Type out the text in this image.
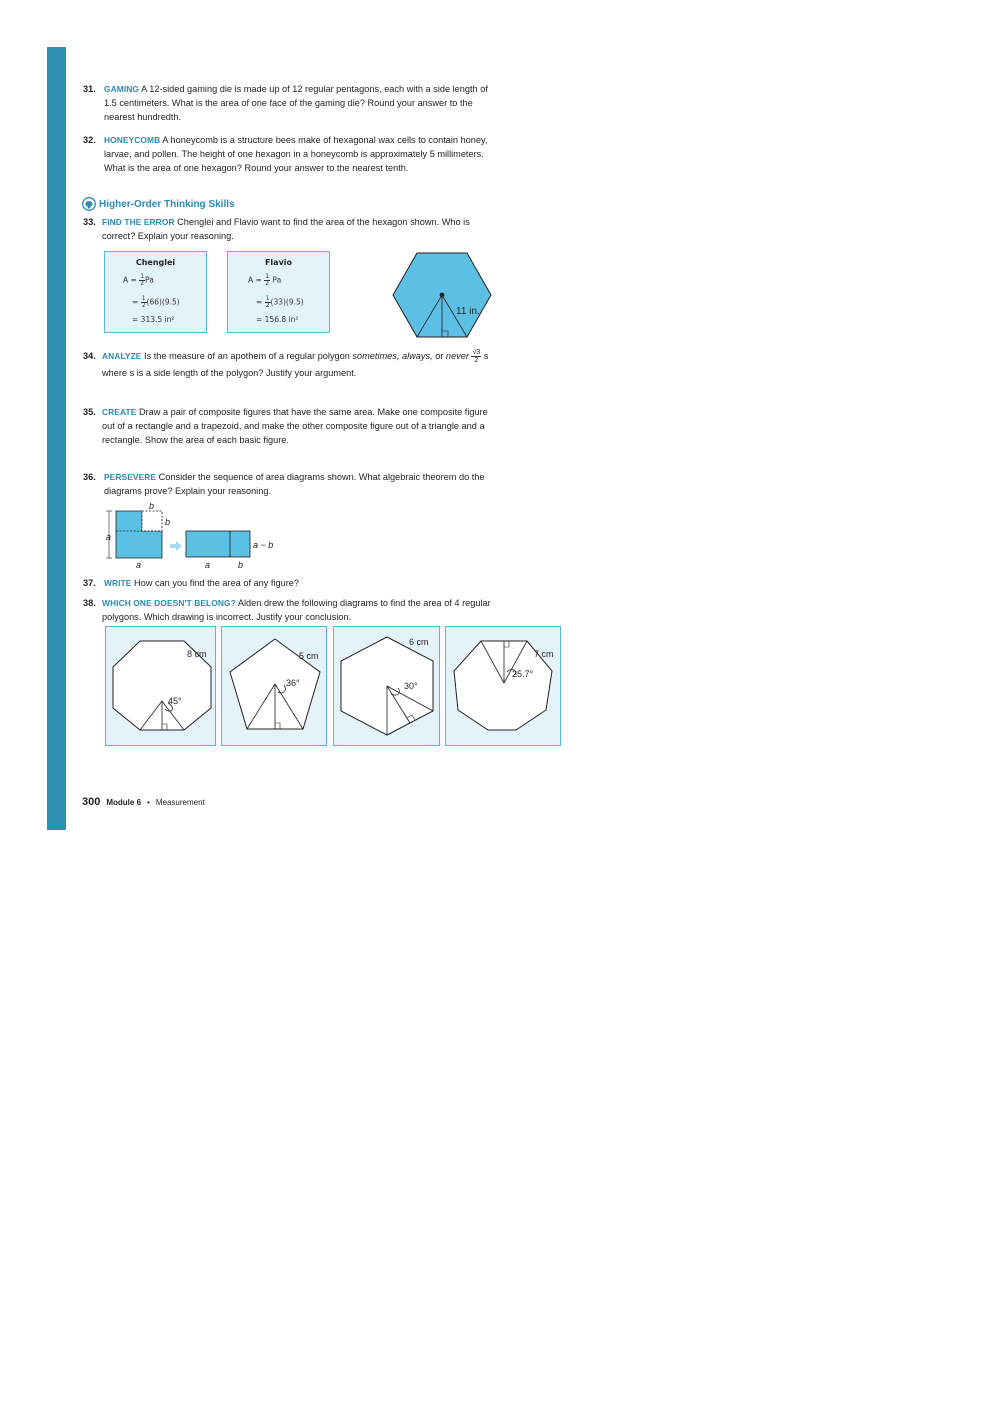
31. GAMING A 12-sided gaming die is made up of 12 regular pentagons, each with a side length of 1.5 centimeters. What is the area of one face of the gaming die? Round your answer to the nearest hundredth.
32. HONEYCOMB A honeycomb is a structure bees make of hexagonal wax cells to contain honey, larvae, and pollen. The height of one hexagon in a honeycomb is approximately 5 millimeters. What is the area of one hexagon? Round your answer to the nearest tenth.
Higher-Order Thinking Skills
33. FIND THE ERROR Chenglei and Flavio want to find the area of the hexagon shown. Who is correct? Explain your reasoning.
Chenglei
$A = \frac{1}{2}$ Pa
= $\frac{1}{2} (66)(9.5)$
= 313.5 in²
Flavio
$A = \frac{1}{2}$ Pa
= $\frac{1}{2} (33)(9.5)$
= 156.8 in²
11 in.
34. ANALYZE Is the measure of an apothem of a regular polygon sometimes, always, or never $\frac{√3}{2}$ s where s is a side length of the polygon? Justify your argument.
35. CREATE Draw a pair of composite figures that have the same area. Make one composite figure out of a rectangle and a trapezoid, and make the other composite figure out of a triangle and a rectangle. Show the area of each basic figure.
36. PERSEVERE Consider the sequence of area diagrams shown. What algebraic theorem do the diagrams prove? Explain your reasoning.
a
b
b
a
a − b
a	b
37. WRITE How can you find the area of any figure?
38. WHICH ONE DOESN'T BELONG? Alden drew the following diagrams to find the area of 4 regular polygons. Which drawing is incorrect. Justify your conclusion.
8 cm
45°
5 cm
36°
6 cm
30°
7 cm
25.7°
300 Module 6 • Measurement
